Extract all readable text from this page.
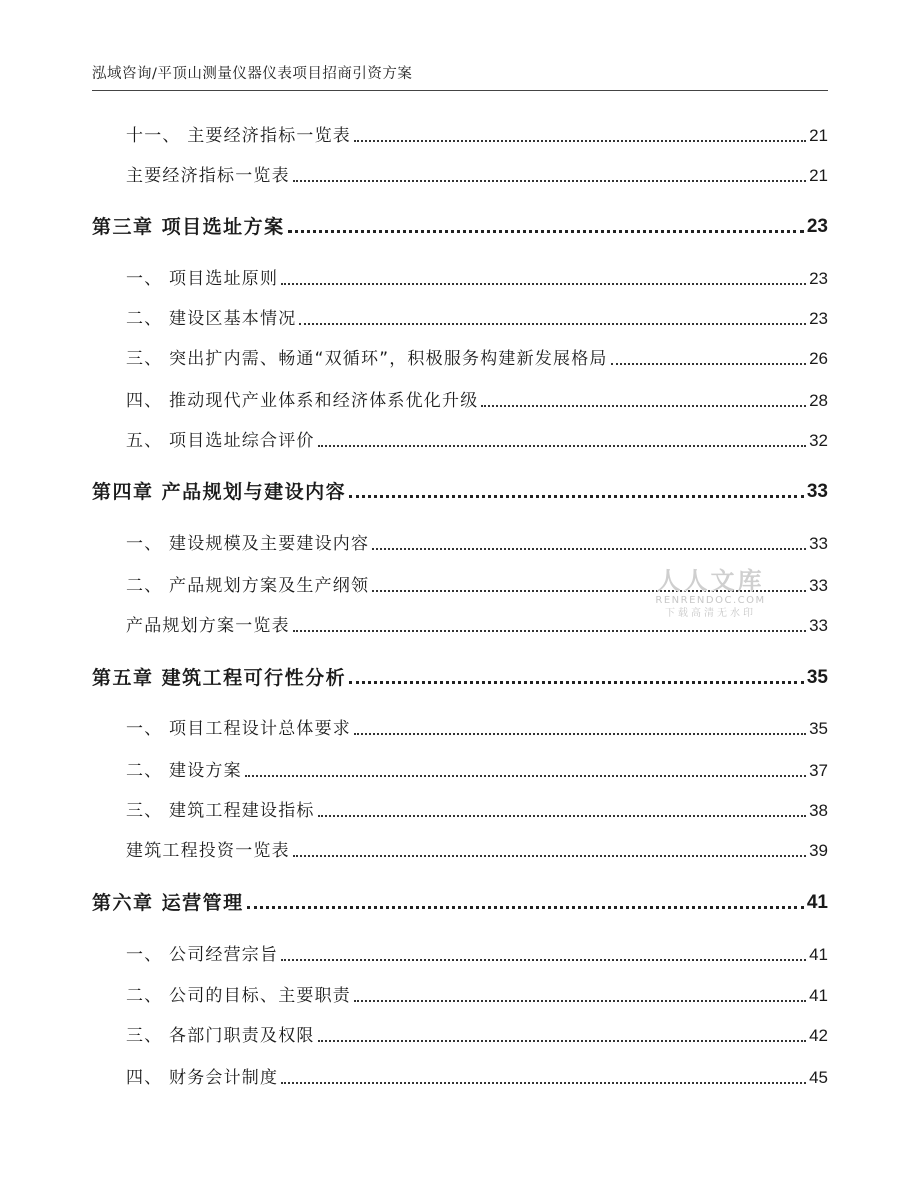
泓域咨询/平顶山测量仪器仪表项目招商引资方案
十一、 主要经济指标一览表	21
主要经济指标一览表	21
第三章 项目选址方案	23
一、 项目选址原则	23
二、 建设区基本情况	23
三、 突出扩内需、畅通“双循环”，积极服务构建新发展格局	26
四、 推动现代产业体系和经济体系优化升级	28
五、 项目选址综合评价	32
第四章 产品规划与建设内容	33
一、 建设规模及主要建设内容	33
二、 产品规划方案及生产纲领	33
产品规划方案一览表	33
第五章 建筑工程可行性分析	35
一、 项目工程设计总体要求	35
二、 建设方案	37
三、 建筑工程建设指标	38
建筑工程投资一览表	39
第六章 运营管理	41
一、 公司经营宗旨	41
二、 公司的目标、主要职责	41
三、 各部门职责及权限	42
四、 财务会计制度	45
人人文库
RENRENDOC.COM
下载高清无水印
